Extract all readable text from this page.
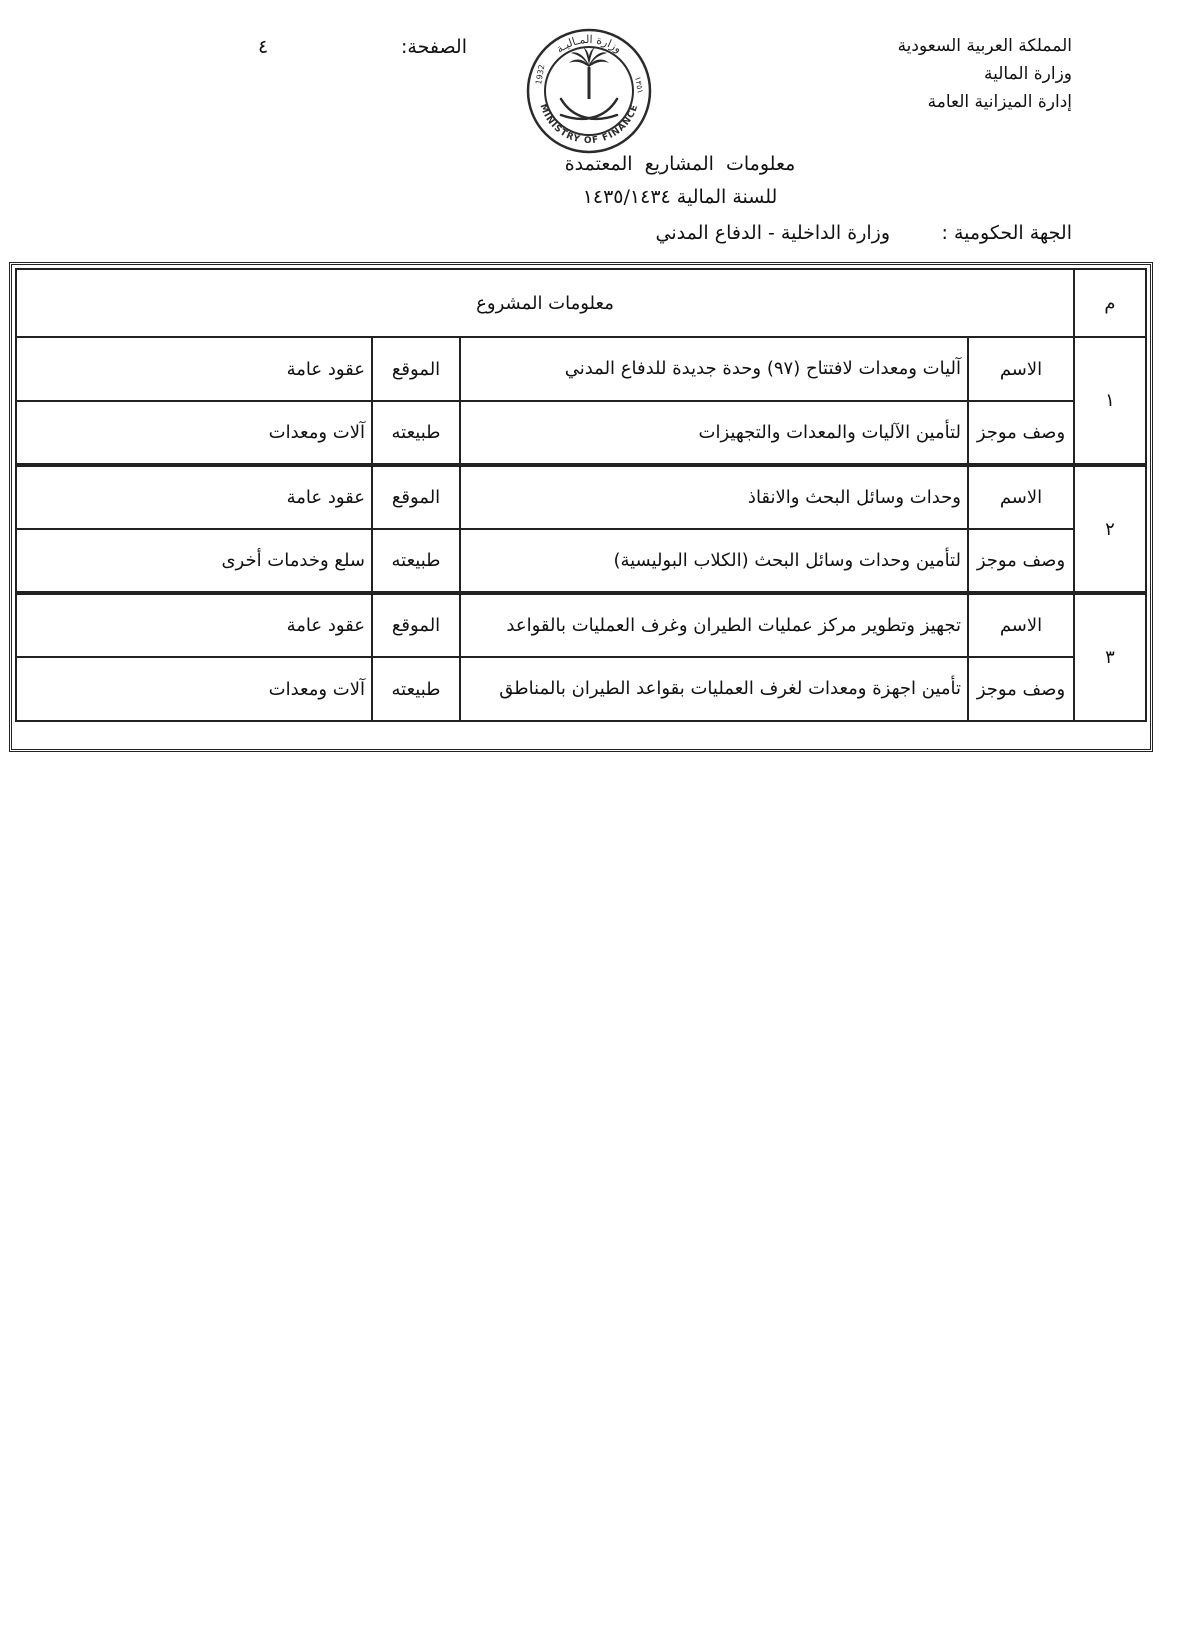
المملكة العربية السعودية
وزارة المالية
إدارة الميزانية العامة
الصفحة:
٤	وزارة المـاليـة
MINISTRY OF FINANCE
1932	١٣٥١
معلومات المشاريع المعتمدة
للسنة المالية ١٤٣٥/١٤٣٤
الجهة الحكومية :
وزارة الداخلية - الدفاع المدني
م	معلومات المشروع			
١	الاسم	آليات ومعدات لافتتاح (٩٧) وحدة جديدة للدفاع المدني	الموقع	عقود عامة
	وصف موجز	لتأمين الآليات والمعدات والتجهيزات	طبيعته	آلات ومعدات
٢	الاسم	وحدات وسائل البحث والانقاذ	الموقع	عقود عامة
	وصف موجز	لتأمين وحدات وسائل البحث (الكلاب البوليسية)	طبيعته	سلع وخدمات أخرى
٣	الاسم	تجهيز وتطوير مركز عمليات الطيران وغرف العمليات بالقواعد	الموقع	عقود عامة
	وصف موجز	تأمين اجهزة ومعدات لغرف العمليات بقواعد الطيران بالمناطق	طبيعته	آلات ومعدات
